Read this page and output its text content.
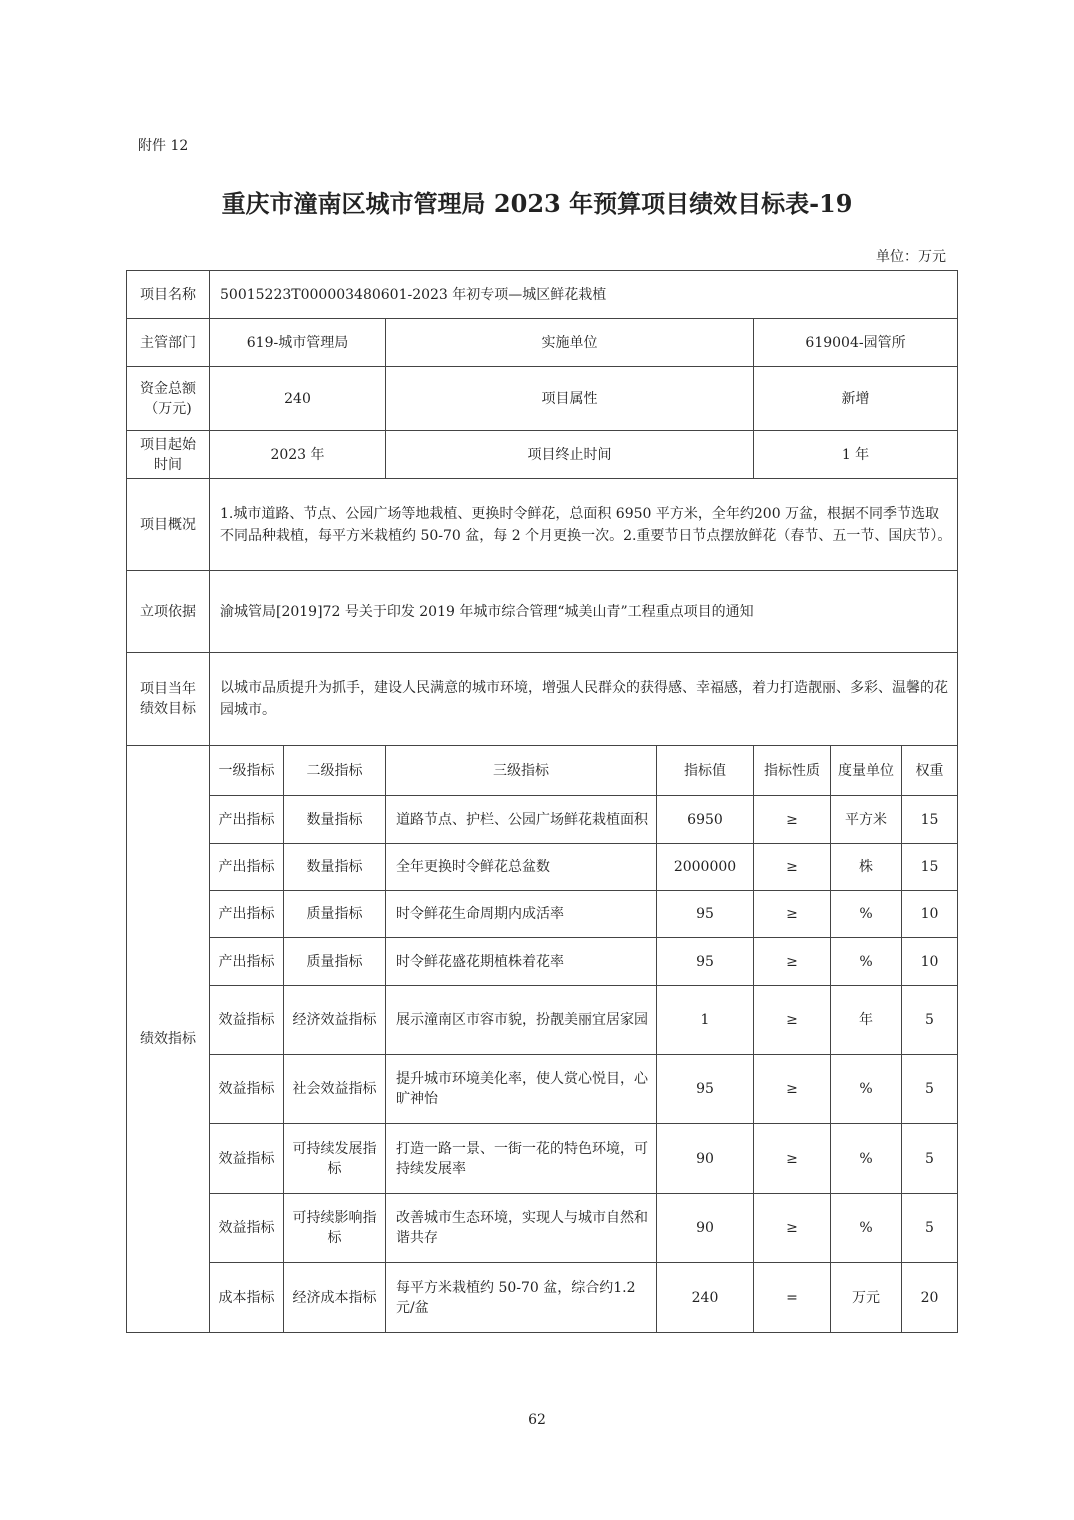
附件 12
重庆市潼南区城市管理局 2023 年预算项目绩效目标表-19
单位：万元
项目名称	50015223T000003480601-2023 年初专项—城区鲜花栽植						
主管部门	619-城市管理局		实施单位		619004-园管所		
资金总额（万元)	240		项目属性		新增		
项目起始时间	2023 年		项目终止时间		1 年		
项目概况	1.城市道路、节点、公园广场等地栽植、更换时令鲜花，总面积 6950 平方米，全年约200 万盆，根据不同季节选取不同品种栽植，每平方米栽植约 50-70 盆，每 2 个月更换一次。2.重要节日节点摆放鲜花（春节、五一节、国庆节）。						
立项依据	渝城管局[2019]72 号关于印发 2019 年城市综合管理“城美山青”工程重点项目的通知						
项目当年绩效目标	以城市品质提升为抓手，建设人民满意的城市环境，增强人民群众的获得感、幸福感，着力打造靓丽、多彩、温馨的花园城市。						
绩效指标	一级指标	二级指标	三级指标	指标值	指标性质	度量单位	权重
	产出指标	数量指标	道路节点、护栏、公园广场鲜花栽植面积	6950	≥	平方米	15
	产出指标	数量指标	全年更换时令鲜花总盆数	2000000	≥	株	15
	产出指标	质量指标	时令鲜花生命周期内成活率	95	≥	%	10
	产出指标	质量指标	时令鲜花盛花期植株着花率	95	≥	%	10
	效益指标	经济效益指标	展示潼南区市容市貌，扮靓美丽宜居家园	1	≥	年	5
	效益指标	社会效益指标	提升城市环境美化率，使人赏心悦目，心旷神怡	95	≥	%	5
	效益指标	可持续发展指标	打造一路一景、一街一花的特色环境，可持续发展率	90	≥	%	5
	效益指标	可持续影响指标	改善城市生态环境，实现人与城市自然和谐共存	90	≥	%	5
	成本指标	经济成本指标	每平方米栽植约 50-70 盆，综合约1.2 元/盆	240	=	万元	20
62
